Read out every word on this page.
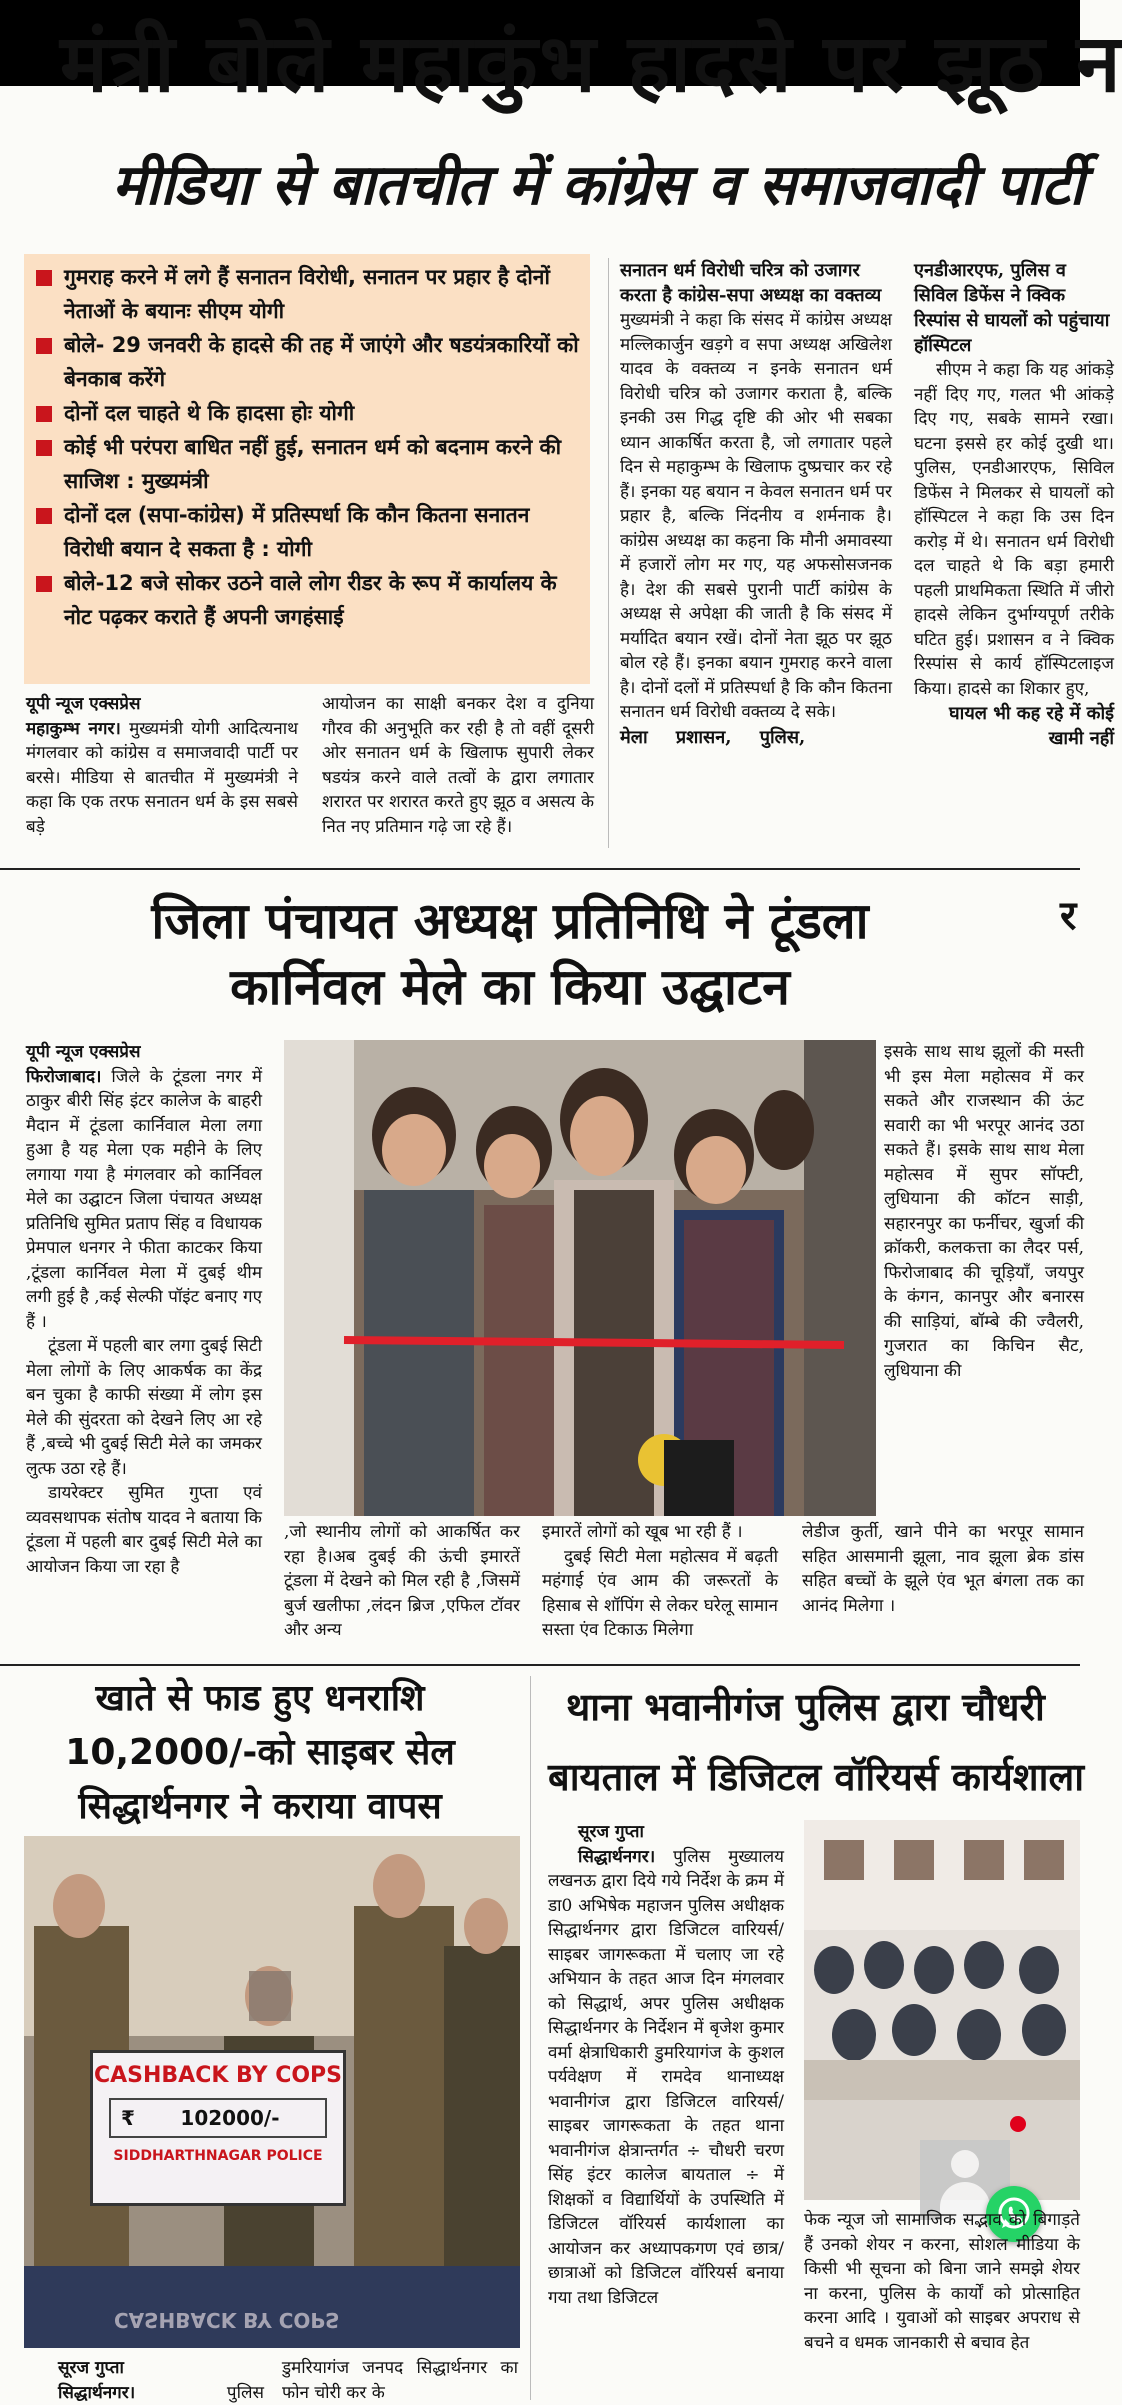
मंत्री बोले महाकुंभ हादसे पर झूठ न
मीडिया से बातचीत में कांग्रेस व समाजवादी पार्टी
गुमराह करने में लगे हैं सनातन विरोधी, सनातन पर प्रहार है दोनों नेताओं के बयानः सीएम योगी
बोले- 29 जनवरी के हादसे की तह में जाएंगे और षडयंत्रकारियों को बेनकाब करेंगे
दोनों दल चाहते थे कि हादसा होः योगी
कोई भी परंपरा बाधित नहीं हुई, सनातन धर्म को बदनाम करने की साजिश : मुख्यमंत्री
दोनों दल (सपा-कांग्रेस) में प्रतिस्पर्धा कि कौन कितना सनातन विरोधी बयान दे सकता है : योगी
बोले-12 बजे सोकर उठने वाले लोग रीडर के रूप में कार्यालय के नोट पढ़कर कराते हैं अपनी जगहंसाई
यूपी न्यूज एक्सप्रेस
महाकुम्भ नगर। मुख्यमंत्री योगी आदित्यनाथ मंगलवार को कांग्रेस व समाजवादी पार्टी पर बरसे। मीडिया से बातचीत में मुख्यमंत्री ने कहा कि एक तरफ सनातन धर्म के इस सबसे बड़े
आयोजन का साक्षी बनकर देश व दुनिया गौरव की अनुभूति कर रही है तो वहीं दूसरी ओर सनातन धर्म के खिलाफ सुपारी लेकर षडयंत्र करने वाले तत्वों के द्वारा लगातार शरारत पर शरारत करते हुए झूठ व असत्य के नित नए प्रतिमान गढ़े जा रहे हैं।
सनातन धर्म विरोधी चरित्र को उजागर करता है कांग्रेस-सपा अध्यक्ष का वक्तव्य
मुख्यमंत्री ने कहा कि संसद में कांग्रेस अध्यक्ष मल्लिकार्जुन खड़गे व सपा अध्यक्ष अखिलेश यादव के वक्तव्य न इनके सनातन धर्म विरोधी चरित्र को उजागर कराता है, बल्कि इनकी उस गिद्ध दृष्टि की ओर भी सबका ध्यान आकर्षित करता है, जो लगातार पहले दिन से महाकुम्भ के खिलाफ दुष्प्रचार कर रहे हैं। इनका यह बयान न केवल सनातन धर्म पर प्रहार है, बल्कि निंदनीय व शर्मनाक है। कांग्रेस अध्यक्ष का कहना कि मौनी अमावस्या में हजारों लोग मर गए, यह अफसोसजनक है। देश की सबसे पुरानी पार्टी कांग्रेस के अध्यक्ष से अपेक्षा की जाती है कि संसद में मर्यादित बयान रखें। दोनों नेता झूठ पर झूठ बोल रहे हैं। इनका बयान गुमराह करने वाला है। दोनों दलों में प्रतिस्पर्धा है कि कौन कितना सनातन धर्म विरोधी वक्तव्य दे सके।
मेला प्रशासन, पुलिस,
एनडीआरएफ, पुलिस व सिविल डिफेंस ने क्विक रिस्पांस से घायलों को पहुंचाया हॉस्पिटल
सीएम ने कहा कि यह आंकड़े नहीं दिए गए, गलत भी आंकड़े दिए गए, सबके सामने रखा। घटना इससे हर कोई दुखी था। पुलिस, एनडीआरएफ, सिविल डिफेंस ने मिलकर से घायलों को हॉस्पिटल ने कहा कि उस दिन करोड़ में थे। सनातन धर्म विरोधी दल चाहते थे कि बड़ा हमारी पहली प्राथमिकता स्थिति में जीरो हादसे लेकिन दुर्भाग्यपूर्ण तरीके घटित हुई। प्रशासन व ने क्विक रिस्पांस से कार्य हॉस्पिटलाइज किया। हादसे का शिकार हुए,
घायल भी कह रहे में कोई खामी नहीं
जिला पंचायत अध्यक्ष प्रतिनिधि ने टूंडला
कार्निवल मेले का किया उद्घाटन
र
यूपी न्यूज एक्सप्रेस
फिरोजाबाद। जिले के टूंडला नगर में ठाकुर बीरी सिंह इंटर कालेज के बाहरी मैदान में टूंडला कार्निवाल मेला लगा हुआ है यह मेला एक महीने के लिए लगाया गया है मंगलवार को कार्निवल मेले का उद्घाटन जिला पंचायत अध्यक्ष प्रतिनिधि सुमित प्रताप सिंह व विधायक प्रेमपाल धनगर ने फीता काटकर किया ,टूंडला कार्निवल मेला में दुबई थीम लगी हुई है ,कई सेल्फी पॉइंट बनाए गए हैं ।
टूंडला में पहली बार लगा दुबई सिटी मेला लोगों के लिए आकर्षक का केंद्र बन चुका है काफी संख्या में लोग इस मेले की सुंदरता को देखने लिए आ रहे हैं ,बच्चे भी दुबई सिटी मेले का जमकर लुत्फ उठा रहे हैं।
डायरेक्टर सुमित गुप्ता एवं व्यवसथापक संतोष यादव ने बताया कि टूंडला में पहली बार दुबई सिटी मेले का आयोजन किया जा रहा है
,जो स्थानीय लोगों को आकर्षित कर रहा है।अब दुबई की ऊंची इमारतें टूंडला में देखने को मिल रही है ,जिसमें बुर्ज खलीफा ,लंदन ब्रिज ,एफिल टॉवर और अन्य
इमारतें लोगों को खूब भा रही हैं ।
दुबई सिटी मेला महोत्सव में बढ़ती महंगाई एंव आम की जरूरतों के हिसाब से शॉपिंग से लेकर घरेलू सामान सस्ता एंव टिकाऊ मिलेगा
इसके साथ साथ झूलों की मस्ती भी इस मेला महोत्सव में कर सकते और राजस्थान की ऊंट सवारी का भी भरपूर आनंद उठा सकते हैं। इसके साथ साथ मेला महोत्सव में सुपर सॉफ्टी, लुधियाना की कॉटन साड़ी, सहारनपुर का फर्नीचर, खुर्जा की क्रॉकरी, कलकत्ता का लैदर पर्स, फिरोजाबाद की चूड़ियाँ, जयपुर के कंगन, कानपुर और बनारस की साड़ियां, बॉम्बे की ज्वैलरी, गुजरात का किचिन सैट, लुधियाना की
लेडीज कुर्ती, खाने पीने का भरपूर सामान सहित आसमानी झूला, नाव झूला ब्रेक डांस सहित बच्चों के झूले एंव भूत बंगला तक का आनंद मिलेगा ।
खाते से फाड हुए धनराशि
10,2000/-को साइबर सेल
सिद्धार्थनगर ने कराया वापस
CASHBACK BY COPS
₹ 102000/-
SIDDHARTHNAGAR POLICE
CASHBACK BY COPS
सूरज गुप्ता
सिद्धार्थनगर।	पुलिस
डुमरियागंज जनपद सिद्धार्थनगर का फोन चोरी कर के
थाना भवानीगंज पुलिस द्वारा चौधरी
बायताल में डिजिटल वॉरियर्स कार्यशाला
सूरज गुप्ता
सिद्धार्थनगर। पुलिस मुख्यालय लखनऊ द्वारा दिये गये निर्देश के क्रम में डा0 अभिषेक महाजन पुलिस अधीक्षक सिद्धार्थनगर द्वारा डिजिटल वारियर्स/ साइबर जागरूकता में चलाए जा रहे अभियान के तहत आज दिन मंगलवार को सिद्धार्थ, अपर पुलिस अधीक्षक सिद्धार्थनगर के निर्देशन में बृजेश कुमार वर्मा क्षेत्राधिकारी डुमरियागंज के कुशल पर्यवेक्षण में रामदेव थानाध्यक्ष भवानीगंज द्वारा डिजिटल वारियर्स/साइबर जागरूकता के तहत थाना भवानीगंज क्षेत्रान्तर्गत ÷ चौधरी चरण सिंह इंटर कालेज बायताल ÷ में शिक्षकों व विद्यार्थियों के उपस्थिति में डिजिटल वॉरियर्स कार्यशाला का आयोजन कर अध्यापकगण एवं छात्र/छात्राओं को डिजिटल वॉरियर्स बनाया गया तथा डिजिटल
फेक न्यूज जो सामाजिक सद्भाव को बिगाड़ते हैं उनको शेयर न करना, सोशल मीडिया के किसी भी सूचना को बिना जाने समझे शेयर ना करना, पुलिस के कार्यों को प्रोत्साहित करना आदि । युवाओं को साइबर अपराध से बचने व धमक जानकारी से बचाव हेत
